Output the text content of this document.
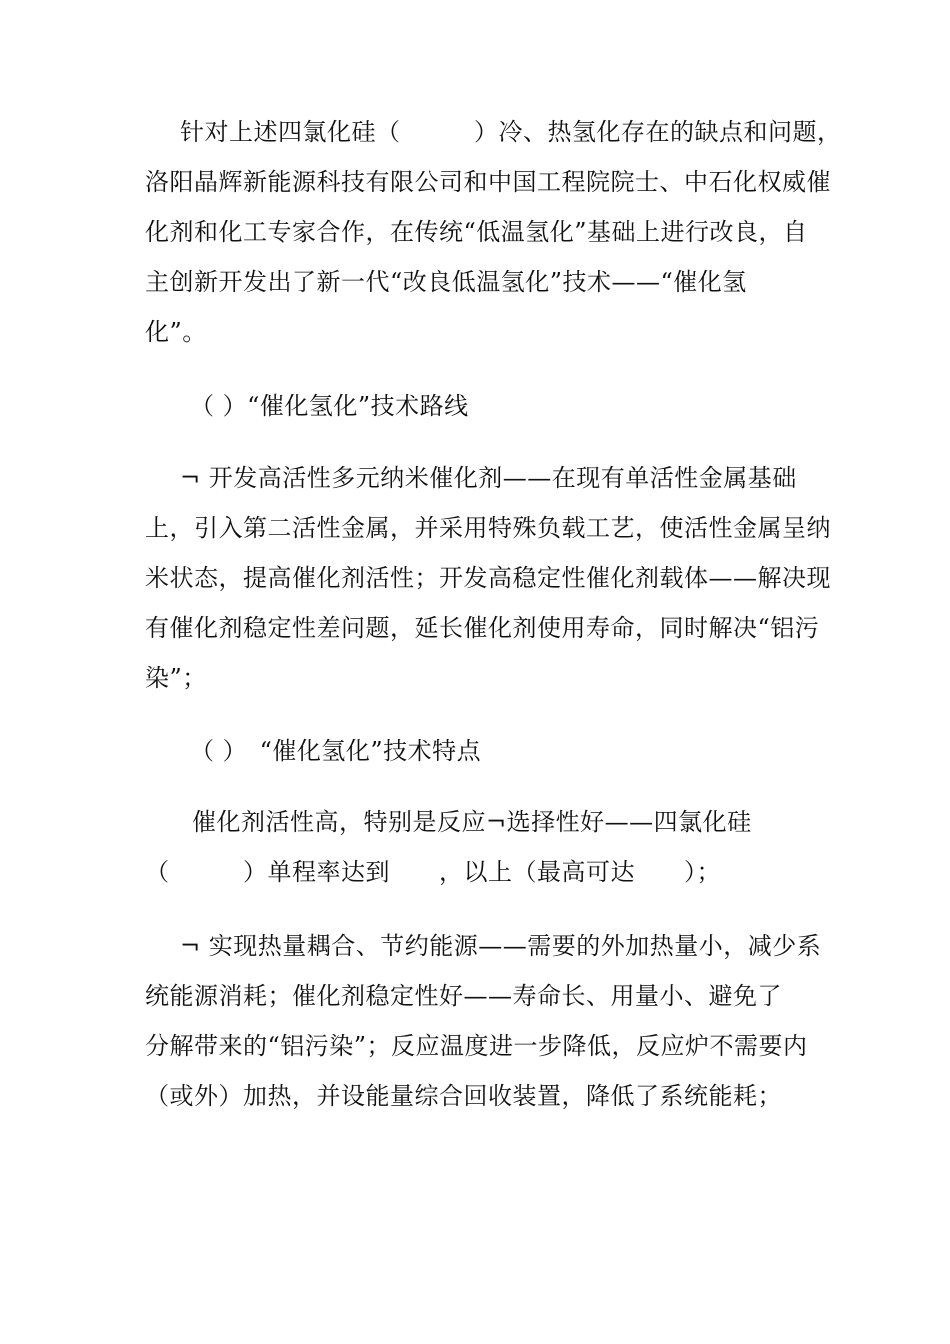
针对上述四氯化硅（　　　）冷、热氢化存在的缺点和问题，
洛阳晶辉新能源科技有限公司和中国工程院院士、中石化权威催
化剂和化工专家合作，在传统“低温氢化”基础上进行改良，自
主创新开发出了新一代“改良低温氢化”技术——“催化氢
化”。
（ ）“催化氢化”技术路线
¬ 开发高活性多元纳米催化剂——在现有单活性金属基础
上，引入第二活性金属，并采用特殊负载工艺，使活性金属呈纳
米状态，提高催化剂活性；开发高稳定性催化剂载体——解决现
有催化剂稳定性差问题，延长催化剂使用寿命，同时解决“铝污
染”；
（ ）　“催化氢化”技术特点
催化剂活性高，特别是反应¬选择性好——四氯化硅
（　　　）单程率达到　　，以上（最高可达　　）；
¬ 实现热量耦合、节约能源——需要的外加热量小，减少系
统能源消耗；催化剂稳定性好——寿命长、用量小、避免了
分解带来的“铝污染”；反应温度进一步降低，反应炉不需要内
（或外）加热，并设能量综合回收装置，降低了系统能耗；
